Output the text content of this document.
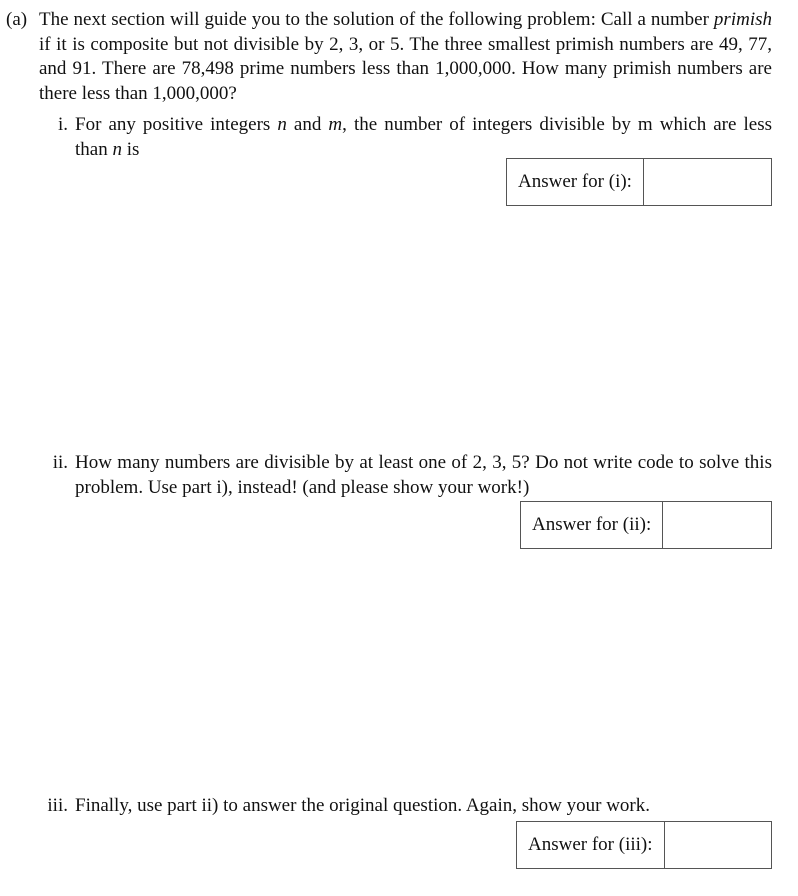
(a) The next section will guide you to the solution of the following problem: Call a number primish if it is composite but not divisible by 2, 3, or 5. The three smallest primish numbers are 49, 77, and 91. There are 78,498 prime numbers less than 1,000,000. How many primish numbers are there less than 1,000,000?
i. For any positive integers n and m, the number of integers divisible by m which are less than n is
Answer for (i):
ii. How many numbers are divisible by at least one of 2, 3, 5? Do not write code to solve this problem. Use part i), instead! (and please show your work!)
Answer for (ii):
iii. Finally, use part ii) to answer the original question. Again, show your work.
Answer for (iii):
